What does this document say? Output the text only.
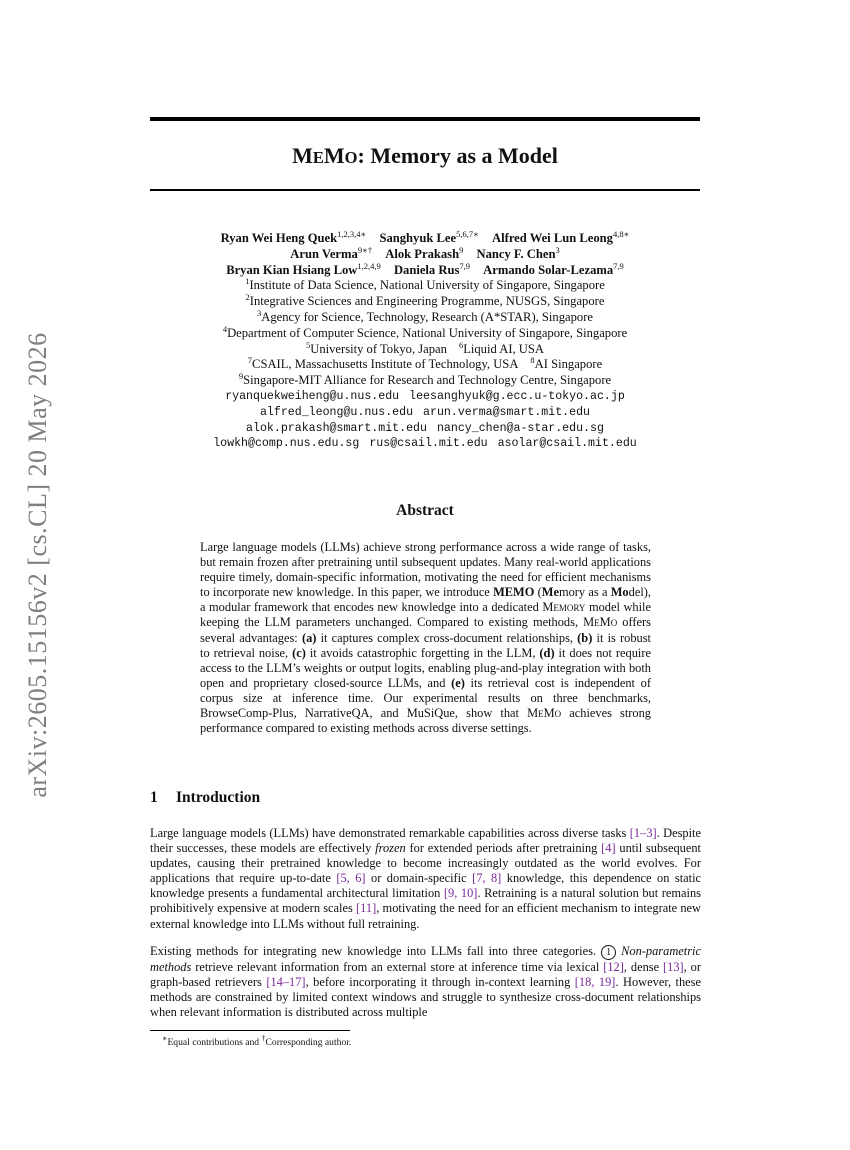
arXiv:2605.15156v2 [cs.CL] 20 May 2026
MEMO: Memory as a Model
Ryan Wei Heng Quek$^{1,2,3,4∗}$ Sanghyuk Lee$^{5,6,7∗}$ Alfred Wei Lun Leong$^{4,8∗}$
Arun Verma$^{9∗\dagger}$ Alok Prakash$^9$ Nancy F. Chen$^3$
Bryan Kian Hsiang Low$^{1,2,4,9}$ Daniela Rus$^{7,9}$ Armando Solar-Lezama$^{7,9}$
$^1$Institute of Data Science, National University of Singapore, Singapore
$^2$Integrative Sciences and Engineering Programme, NUSGS, Singapore
$^3$Agency for Science, Technology, Research (A*STAR), Singapore
$^4$Department of Computer Science, National University of Singapore, Singapore
$^5$University of Tokyo, Japan $^6$Liquid AI, USA
$^7$CSAIL, Massachusetts Institute of Technology, USA $^8$AI Singapore
$^9$Singapore-MIT Alliance for Research and Technology Centre, Singapore
ryanquekweiheng@u.nus.edu leesanghyuk@g.ecc.u-tokyo.ac.jp
alfred_leong@u.nus.edu arun.verma@smart.mit.edu
alok.prakash@smart.mit.edu nancy_chen@a-star.edu.sg
lowkh@comp.nus.edu.sg rus@csail.mit.edu asolar@csail.mit.edu
Abstract
Large language models (LLMs) achieve strong performance across a wide range of tasks, but remain frozen after pretraining until subsequent updates. Many real-world applications require timely, domain-specific information, motivating the need for efficient mechanisms to incorporate new knowledge. In this paper, we introduce MEMO (Memory as a Model), a modular framework that encodes new knowledge into a dedicated Memory model while keeping the LLM parameters unchanged. Compared to existing methods, MeMo offers several advantages: (a) it captures complex cross-document relationships, (b) it is robust to retrieval noise, (c) it avoids catastrophic forgetting in the LLM, (d) it does not require access to the LLM’s weights or output logits, enabling plug-and-play integration with both open and proprietary closed-source LLMs, and (e) its retrieval cost is independent of corpus size at inference time. Our experimental results on three benchmarks, BrowseComp-Plus, NarrativeQA, and MuSiQue, show that MeMo achieves strong performance compared to existing methods across diverse settings.
1 Introduction
Large language models (LLMs) have demonstrated remarkable capabilities across diverse tasks [1–3]. Despite their successes, these models are effectively frozen for extended periods after pretraining [4] until subsequent updates, causing their pretrained knowledge to become increasingly outdated as the world evolves. For applications that require up-to-date [5, 6] or domain-specific [7, 8] knowledge, this dependence on static knowledge presents a fundamental architectural limitation [9, 10]. Retraining is a natural solution but remains prohibitively expensive at modern scales [11], motivating the need for an efficient mechanism to integrate new external knowledge into LLMs without full retraining.
Existing methods for integrating new knowledge into LLMs fall into three categories. 1 Non-parametric methods retrieve relevant information from an external store at inference time via lexical [12], dense [13], or graph-based retrievers [14–17], before incorporating it through in-context learning [18, 19]. However, these methods are constrained by limited context windows and struggle to synthesize cross-document relationships when relevant information is distributed across multiple
∗Equal contributions and †Corresponding author.
